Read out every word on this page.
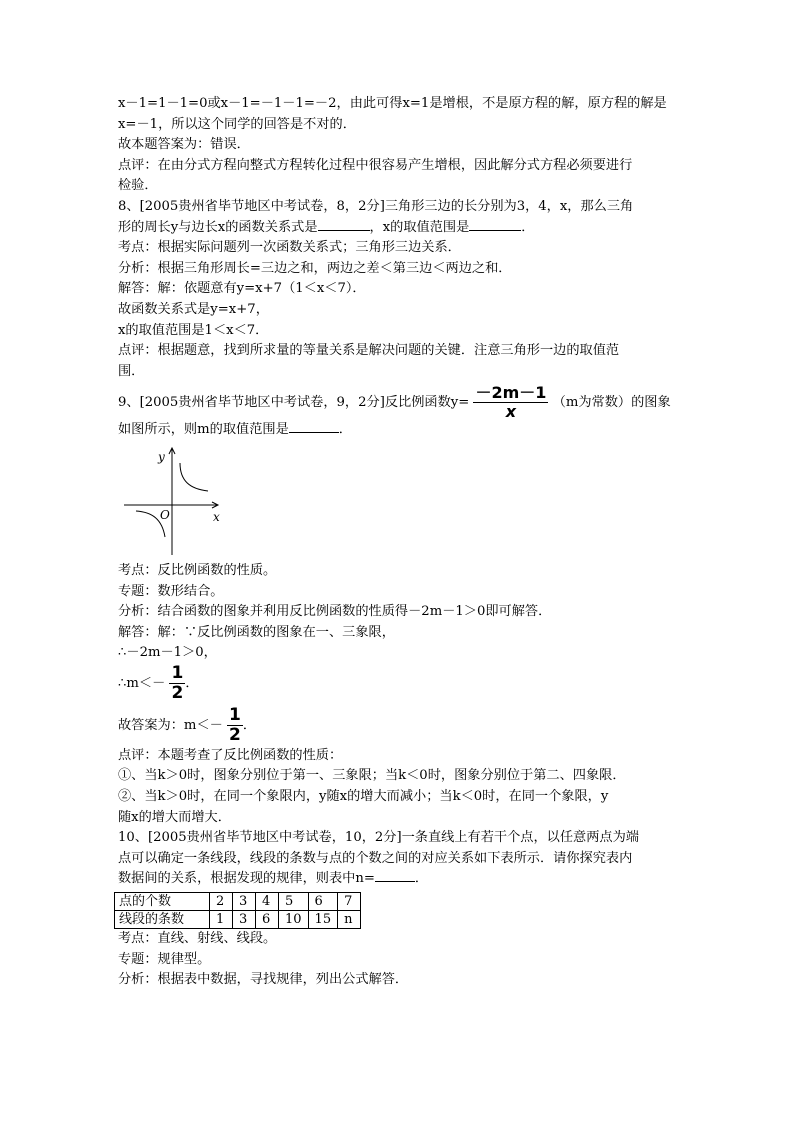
x－1=1－1=0或x－1=－1－1=－2，由此可得x=1是增根，不是原方程的解，原方程的解是
x=－1，所以这个同学的回答是不对的．
故本题答案为：错误．
点评：在由分式方程向整式方程转化过程中很容易产生增根，因此解分式方程必须要进行
检验．
8、[2005贵州省毕节地区中考试卷，8，2分]三角形三边的长分别为3，4，x，那么三角
形的周长y与边长x的函数关系式是	，x的取值范围是	．
考点：根据实际问题列一次函数关系式；三角形三边关系．
分析：根据三角形周长=三边之和，两边之差＜第三边＜两边之和．
解答：解：依题意有y=x+7（1＜x＜7）．
故函数关系式是y=x+7，
x的取值范围是1＜x＜7．
点评：根据题意，找到所求量的等量关系是解决问题的关键．注意三角形一边的取值范
围．
9、[2005贵州省毕节地区中考试卷，9，2分]反比例函数$y= \frac{-2m-1}{x} (m$为常数）的图象
如图所示，则m的取值范围是	．
y
x
O
考点：反比例函数的性质。
专题：数形结合。
分析：结合函数的图象并利用反比例函数的性质得－2m－1＞0即可解答．
解答：解：∵反比例函数的图象在一、三象限，
∴－2m－1＞0，
∴m＜－ $\frac{1}{2}$ ．
故答案为：$m<- \frac{1}{2}$ ．
点评：本题考查了反比例函数的性质：
①、当k＞0时，图象分别位于第一、三象限；当k＜0时，图象分别位于第二、四象限．
②、当k＞0时，在同一个象限内，y随x的增大而减小；当k＜0时，在同一个象限，y
随x的增大而增大．
10、[2005贵州省毕节地区中考试卷，10，2分]一条直线上有若干个点，以任意两点为端
点可以确定一条线段，线段的条数与点的个数之间的对应关系如下表所示．请你探究表内
数据间的关系，根据发现的规律，则表中n=	．
点的个数	2	3	4	5	6	7
线段的条数	1	3	6	10	15	n
考点：直线、射线、线段。
专题：规律型。
分析：根据表中数据，寻找规律，列出公式解答．
